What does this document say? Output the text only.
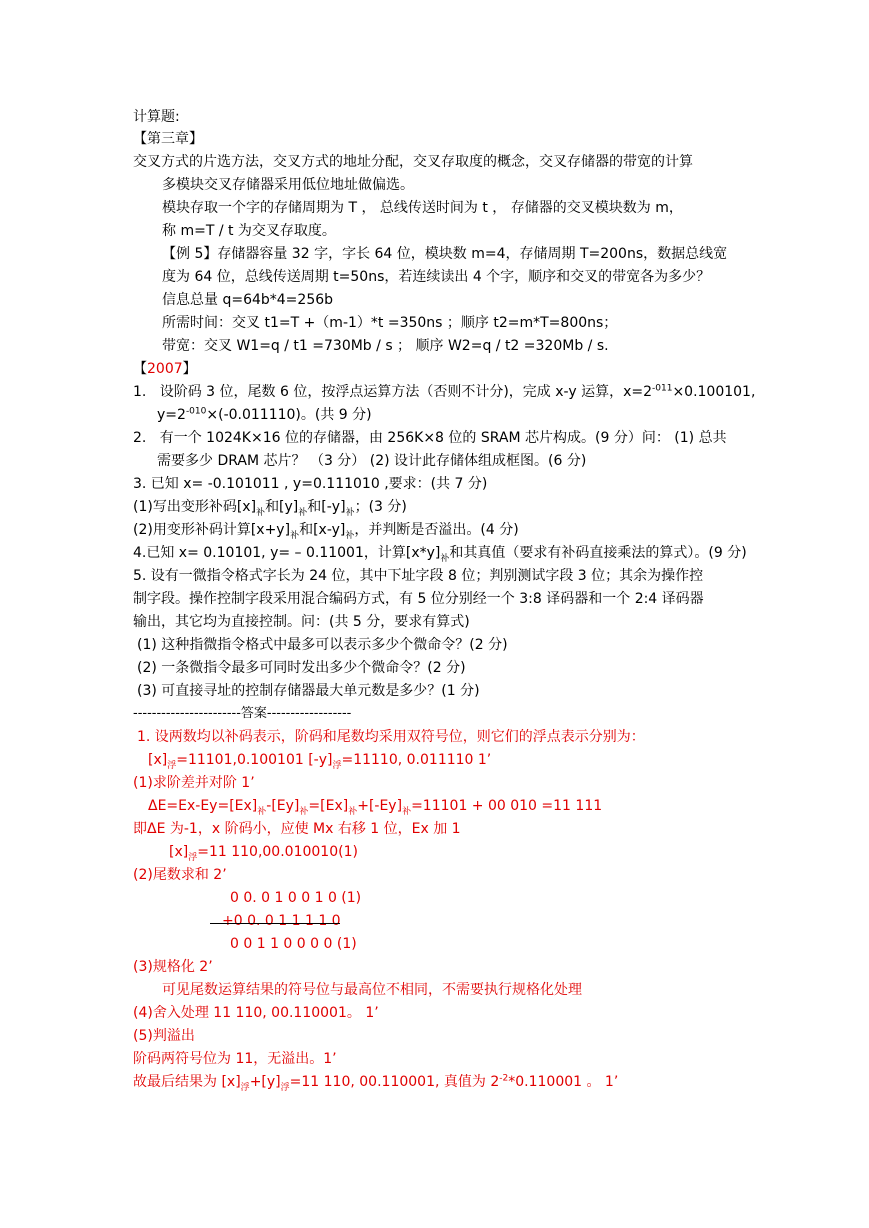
计算题:
【第三章】
交叉方式的片选方法，交叉方式的地址分配，交叉存取度的概念，交叉存储器的带宽的计算
多模块交叉存储器采用低位地址做偏选。
模块存取一个字的存储周期为 T ， 总线传送时间为 t ， 存储器的交叉模块数为 m，
称 m=T / t 为交叉存取度。
【例 5】存储器容量 32 字，字长 64 位，模块数 m=4，存储周期 T=200ns，数据总线宽
度为 64 位，总线传送周期 t=50ns，若连续读出 4 个字，顺序和交叉的带宽各为多少？
信息总量 q=64b*4=256b
所需时间：交叉 t1=T +（m-1）*t =350ns ；顺序 t2=m*T=800ns；
带宽：交叉 W1=q / t1 =730Mb / s ； 顺序 W2=q / t2 =320Mb / s.
【2007】
1. 设阶码 3 位，尾数 6 位，按浮点运算方法（否则不计分)，完成 x-y 运算，$x=2^{-011}\times 0.100101$,
$y=2^{-010}\times(-0.011110)$。(共 9 分)
2. 有一个 1024K×16 位的存储器，由 256K×8 位的 SRAM 芯片构成。(9 分）问： (1) 总共
需要多少 DRAM 芯片？ （3 分） (2) 设计此存储体组成框图。(6 分)
3. 已知 x= -0.101011 , y=0.111010 ,要求：(共 7 分)
(1)写出变形补码$[x]_补$和$[y]_补$和$[-y]_补$；(3 分)
(2)用变形补码计算$[x+y]_补$和$[x-y]_补$，并判断是否溢出。(4 分)
4.已知 x= 0.10101, y= – 0.11001，计算$[x*y]_补$和其真值（要求有补码直接乘法的算式）。(9 分)
5. 设有一微指令格式字长为 24 位，其中下址字段 8 位；判别测试字段 3 位；其余为操作控
制字段。操作控制字段采用混合编码方式，有 5 位分别经一个 3:8 译码器和一个 2:4 译码器
输出，其它均为直接控制。问：(共 5 分，要求有算式)
(1) 这种指微指令格式中最多可以表示多少个微命令？(2 分)
(2) 一条微指令最多可同时发出多少个微命令？(2 分)
(3) 可直接寻址的控制存储器最大单元数是多少？(1 分)
-----------------------答案------------------
1. 设两数均以补码表示，阶码和尾数均采用双符号位，则它们的浮点表示分别为：
$[x]_浮=11101,0.100101$ $[-y]_浮=11110$, 0.011110 1’
(1)求阶差并对阶 1’
$\Delta E=Ex-Ey=[Ex]_补-[Ey]_补=[Ex]_补+[-Ey]_补=11101 + 00$ 010 =11 111
即ΔE 为-1，x 阶码小，应使 Mx 右移 1 位，Ex 加 1
$[x]_浮=11$ 110,00.010010(1)
(2)尾数求和 2’
0 0. 0 1 0 0 1 0 (1)
+0 0. 0 1 1 1 1 0
0 0 1 1 0 0 0 0 (1)
(3)规格化 2’
可见尾数运算结果的符号位与最高位不相同，不需要执行规格化处理
(4)舍入处理 11 110, 00.110001。 1’
(5)判溢出
阶码两符号位为 11，无溢出。1’
故最后结果为 $[x]_浮+[y]_浮=11$ 110, 00.110001, 真值为 $2^{-2}*0.110001$ 。 1’
